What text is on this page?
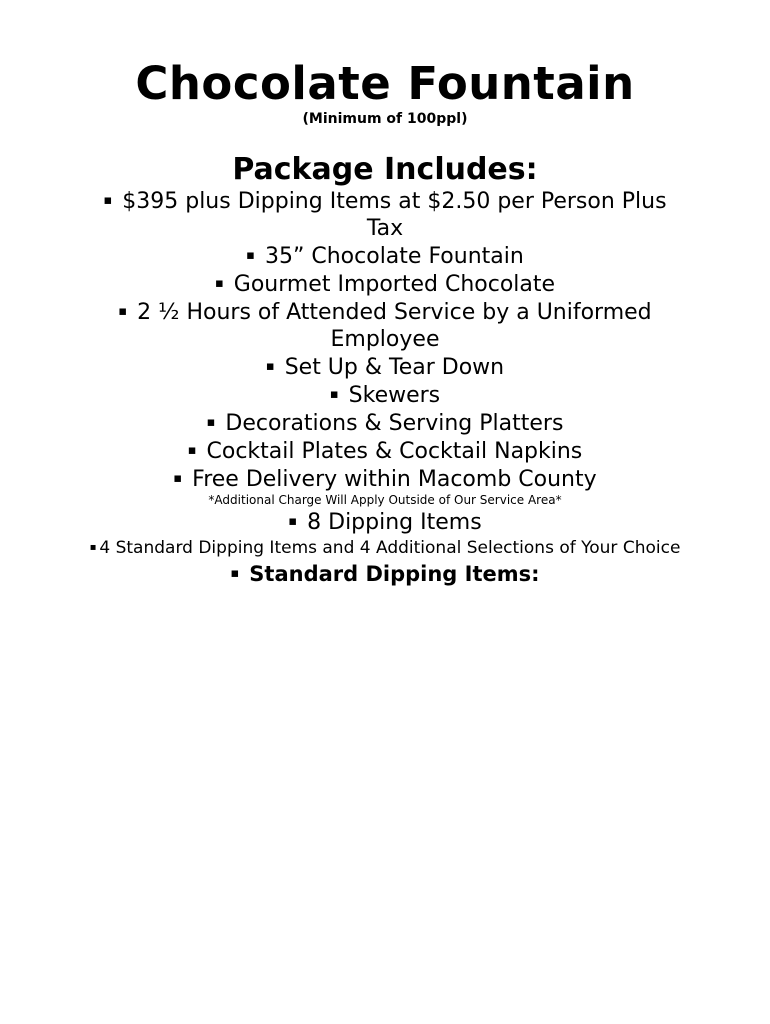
Chocolate Fountain

(Minimum of 100ppl)

Package Includes:
▪ $395 plus Dipping Items at $2.50 per Person Plus Tax
▪ 35” Chocolate Fountain
▪ Gourmet Imported Chocolate
▪ 2 ½ Hours of Attended Service by a Uniformed Employee
▪ Set Up & Tear Down
▪ Skewers
▪ Decorations & Serving Platters
▪ Cocktail Plates & Cocktail Napkins
▪ Free Delivery within Macomb County
*Additional Charge Will Apply Outside of Our Service Area*
▪ 8 Dipping Items
▪ 4 Standard Dipping Items and 4 Additional Selections of Your Choice
▪ Standard Dipping Items:
